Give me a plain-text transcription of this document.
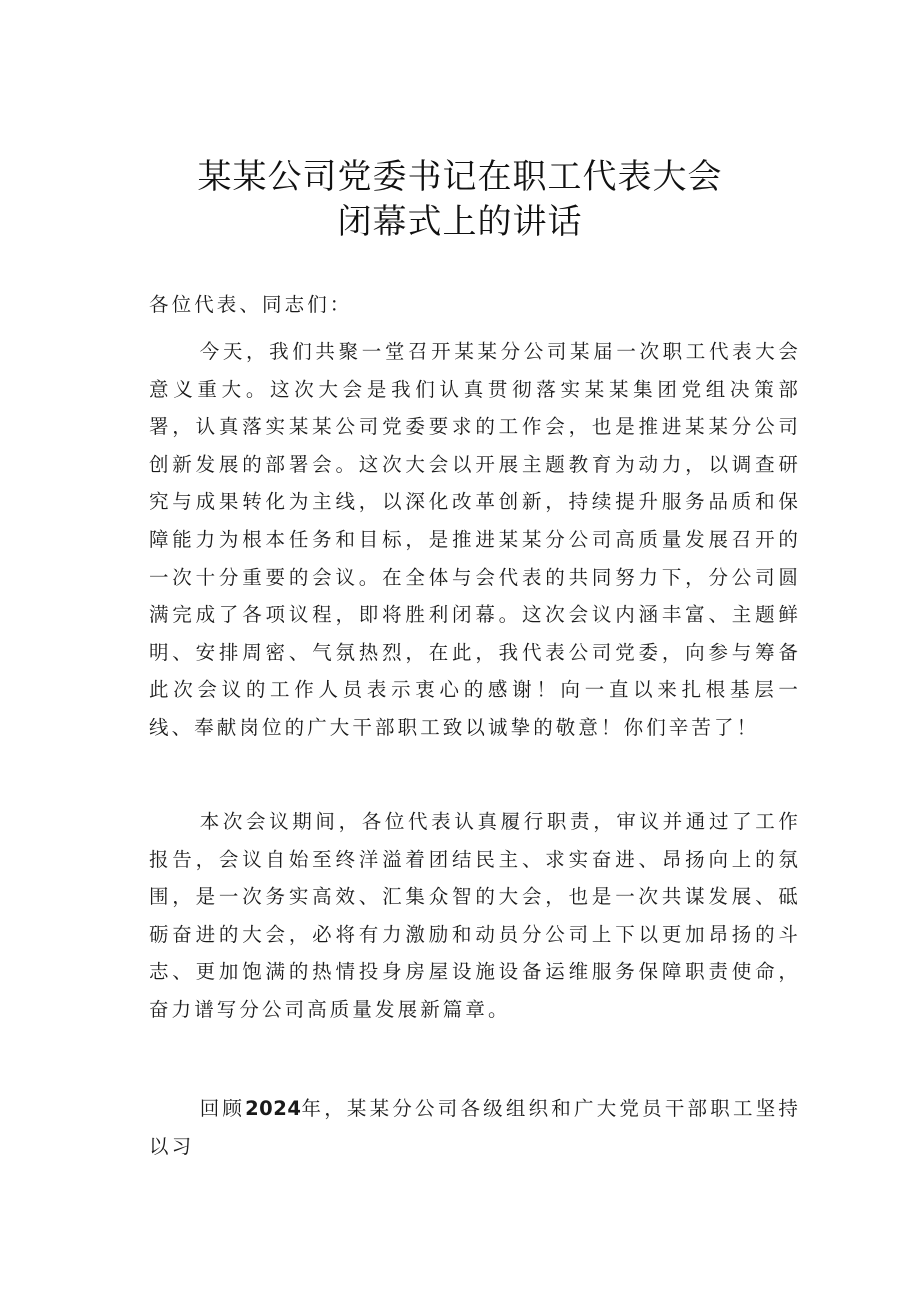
某某公司党委书记在职工代表大会
闭幕式上的讲话
各位代表、同志们：
今天，我们共聚一堂召开某某分公司某届一次职工代表大会意义重大。这次大会是我们认真贯彻落实某某集团党组决策部署，认真落实某某公司党委要求的工作会，也是推进某某分公司创新发展的部署会。这次大会以开展主题教育为动力，以调查研究与成果转化为主线，以深化改革创新，持续提升服务品质和保障能力为根本任务和目标，是推进某某分公司高质量发展召开的一次十分重要的会议。在全体与会代表的共同努力下，分公司圆满完成了各项议程，即将胜利闭幕。这次会议内涵丰富、主题鲜明、安排周密、气氛热烈，在此，我代表公司党委，向参与筹备此次会议的工作人员表示衷心的感谢！向一直以来扎根基层一线、奉献岗位的广大干部职工致以诚挚的敬意！你们辛苦了！
本次会议期间，各位代表认真履行职责，审议并通过了工作报告，会议自始至终洋溢着团结民主、求实奋进、昂扬向上的氛围，是一次务实高效、汇集众智的大会，也是一次共谋发展、砥砺奋进的大会，必将有力激励和动员分公司上下以更加昂扬的斗志、更加饱满的热情投身房屋设施设备运维服务保障职责使命，奋力谱写分公司高质量发展新篇章。
回顾2024年，某某分公司各级组织和广大党员干部职工坚持以习
